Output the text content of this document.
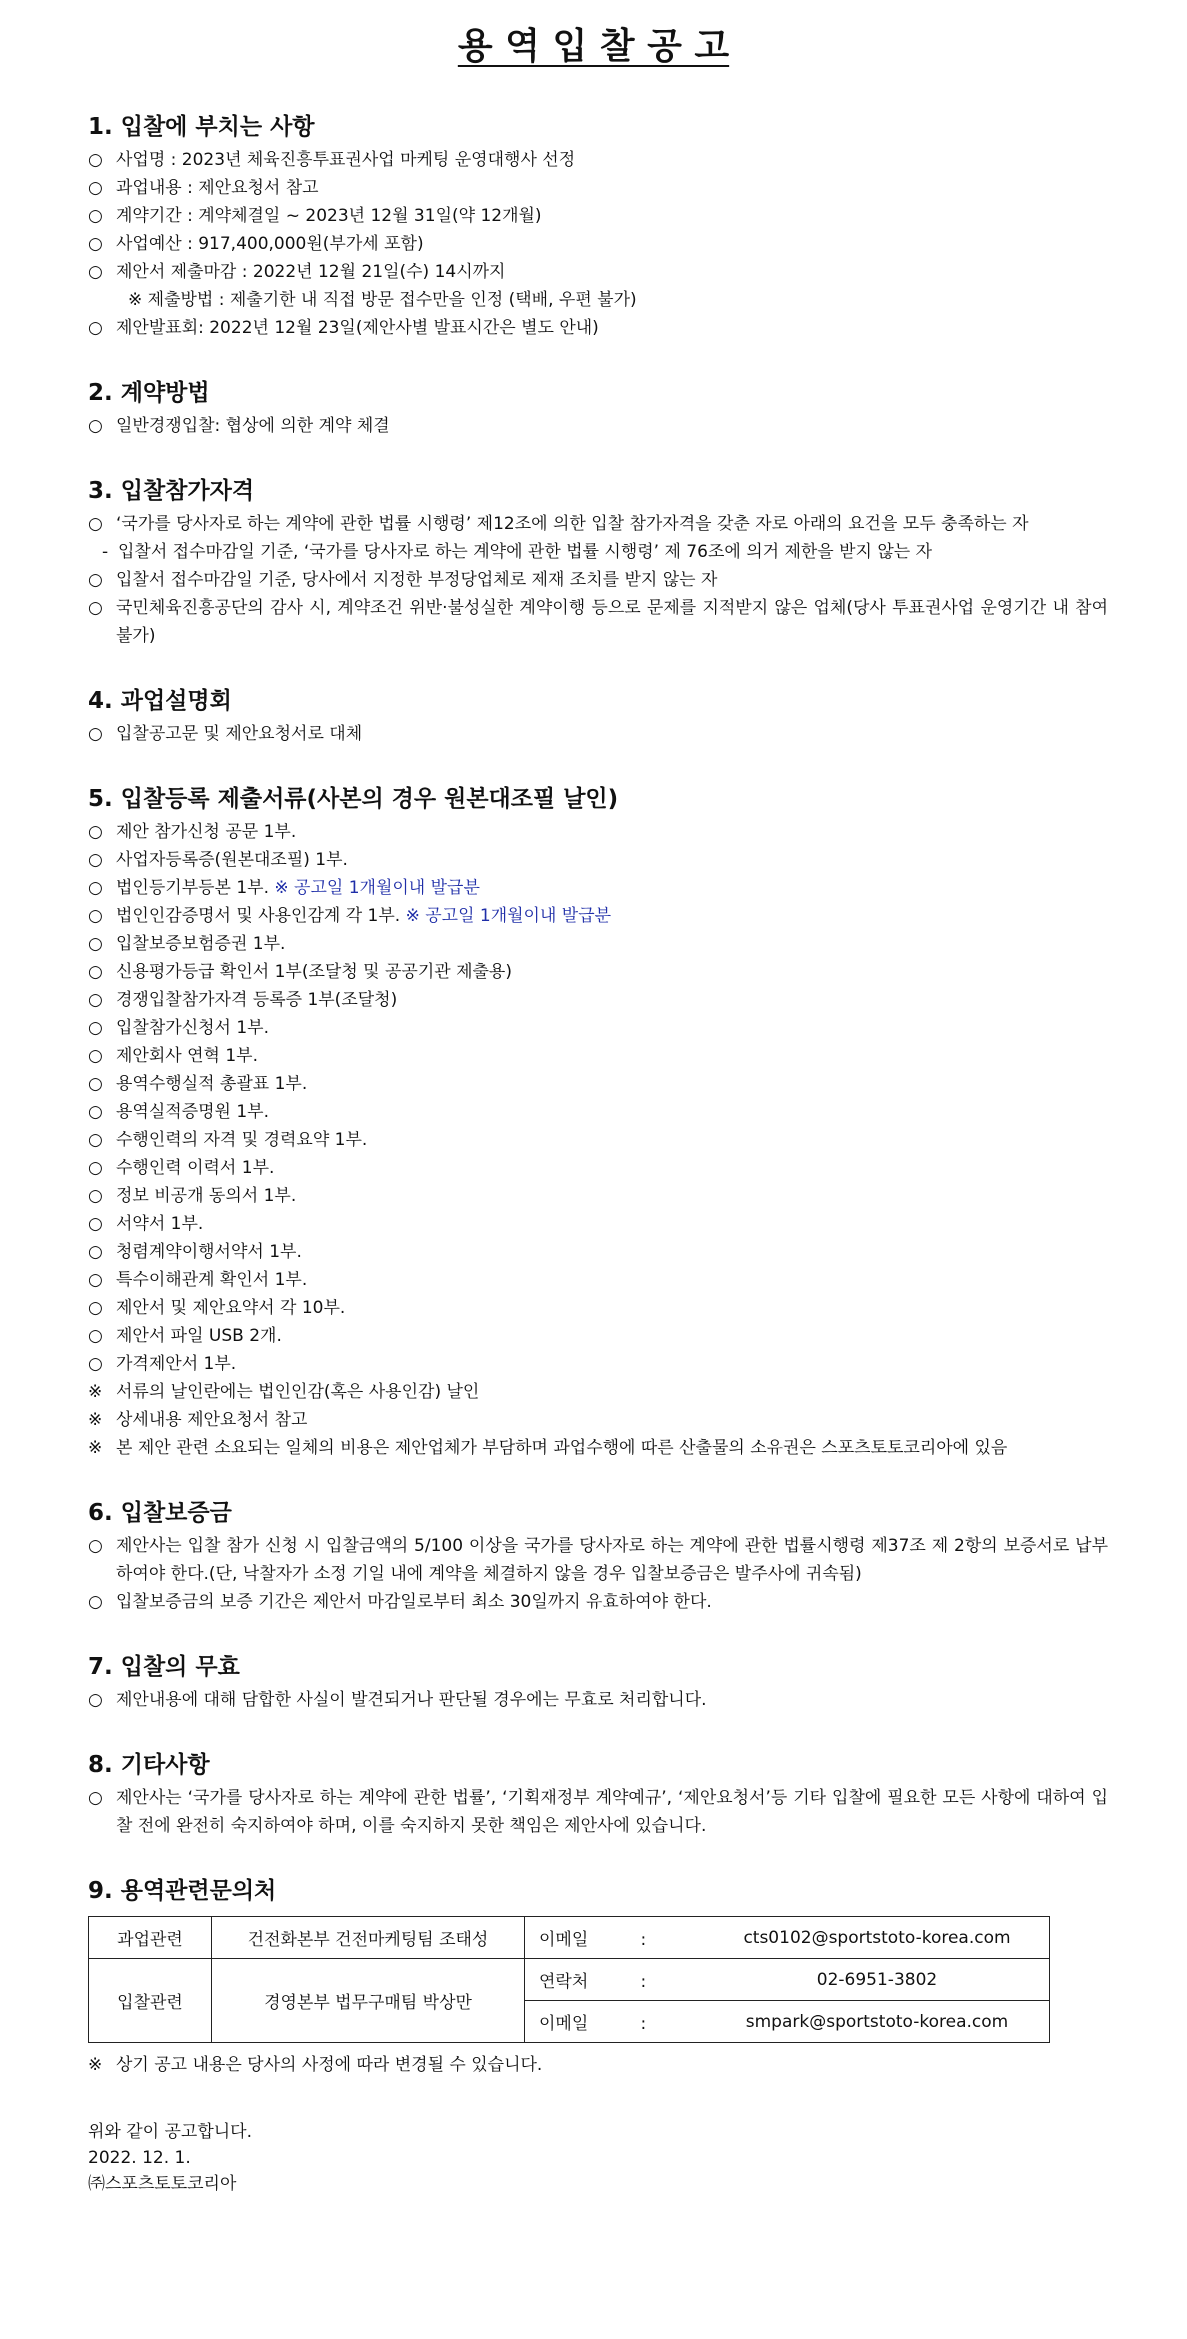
용 역 입 찰 공 고
1. 입찰에 부치는 사항
○ 사업명 : 2023년 체육진흥투표권사업 마케팅 운영대행사 선정
○ 과업내용 : 제안요청서 참고
○ 계약기간 : 계약체결일 ~ 2023년 12월 31일(약 12개월)
○ 사업예산 : 917,400,000원(부가세 포함)
○ 제안서 제출마감 : 2022년 12월 21일(수) 14시까지
※ 제출방법 : 제출기한 내 직접 방문 접수만을 인정 (택배, 우편 불가)
○ 제안발표회: 2022년 12월 23일(제안사별 발표시간은 별도 안내)
2. 계약방법
○ 일반경쟁입찰: 협상에 의한 계약 체결
3. 입찰참가자격
○ ‘국가를 당사자로 하는 계약에 관한 법률 시행령’ 제12조에 의한 입찰 참가자격을 갖춘 자로 아래의 요건을 모두 충족하는 자
- 입찰서 접수마감일 기준, ‘국가를 당사자로 하는 계약에 관한 법률 시행령’ 제 76조에 의거 제한을 받지 않는 자
○ 입찰서 접수마감일 기준, 당사에서 지정한 부정당업체로 제재 조치를 받지 않는 자
○ 국민체육진흥공단의 감사 시, 계약조건 위반·불성실한 계약이행 등으로 문제를 지적받지 않은 업체(당사 투표권사업 운영기간 내 참여불가)
4. 과업설명회
○ 입찰공고문 및 제안요청서로 대체
5. 입찰등록 제출서류(사본의 경우 원본대조필 날인)
○ 제안 참가신청 공문 1부.
○ 사업자등록증(원본대조필) 1부.
○ 법인등기부등본 1부. ※ 공고일 1개월이내 발급분
○ 법인인감증명서 및 사용인감계 각 1부. ※ 공고일 1개월이내 발급분
○ 입찰보증보험증권 1부.
○ 신용평가등급 확인서 1부(조달청 및 공공기관 제출용)
○ 경쟁입찰참가자격 등록증 1부(조달청)
○ 입찰참가신청서 1부.
○ 제안회사 연혁 1부.
○ 용역수행실적 총괄표 1부.
○ 용역실적증명원 1부.
○ 수행인력의 자격 및 경력요약 1부.
○ 수행인력 이력서 1부.
○ 정보 비공개 동의서 1부.
○ 서약서 1부.
○ 청렴계약이행서약서 1부.
○ 특수이해관계 확인서 1부.
○ 제안서 및 제안요약서 각 10부.
○ 제안서 파일 USB 2개.
○ 가격제안서 1부.
※ 서류의 날인란에는 법인인감(혹은 사용인감) 날인
※ 상세내용 제안요청서 참고
※ 본 제안 관련 소요되는 일체의 비용은 제안업체가 부담하며 과업수행에 따른 산출물의 소유권은 스포츠토토코리아에 있음
6. 입찰보증금
○ 제안사는 입찰 참가 신청 시 입찰금액의 5/100 이상을 국가를 당사자로 하는 계약에 관한 법률시행령 제37조 제 2항의 보증서로 납부하여야 한다.(단, 낙찰자가 소정 기일 내에 계약을 체결하지 않을 경우 입찰보증금은 발주사에 귀속됨)
○ 입찰보증금의 보증 기간은 제안서 마감일로부터 최소 30일까지 유효하여야 한다.
7. 입찰의 무효
○ 제안내용에 대해 담합한 사실이 발견되거나 판단될 경우에는 무효로 처리합니다.
8. 기타사항
○ 제안사는 ‘국가를 당사자로 하는 계약에 관한 법률’, ‘기획재정부 계약예규’, ‘제안요청서’등 기타 입찰에 필요한 모든 사항에 대하여 입찰 전에 완전히 숙지하여야 하며, 이를 숙지하지 못한 책임은 제안사에 있습니다.
9. 용역관련문의처
과업관련	건전화본부 건전마케팅팀 조태성	이메일 :	cts0102@sportstoto-korea.com
입찰관련	경영본부 법무구매팀 박상만	연락처 :	02-6951-3802
		이메일 :	smpark@sportstoto-korea.com
※ 상기 공고 내용은 당사의 사정에 따라 변경될 수 있습니다.
위와 같이 공고합니다.
2022. 12. 1.
㈜스포츠토토코리아
